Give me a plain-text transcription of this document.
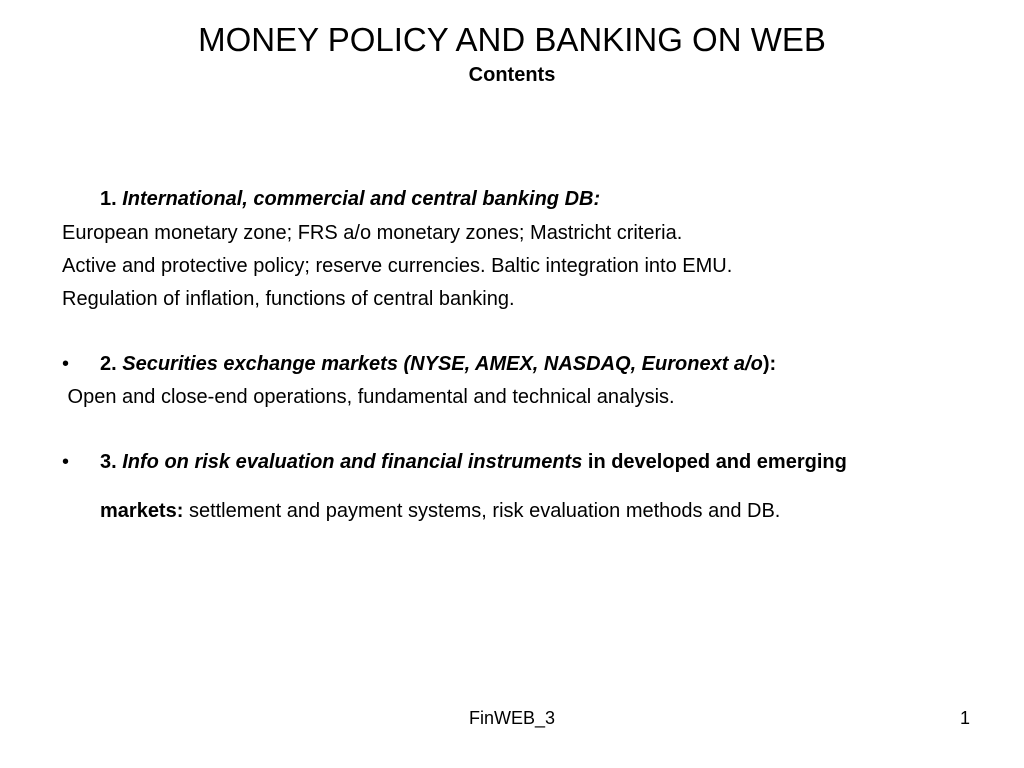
MONEY POLICY AND BANKING ON WEB
Contents
1. International, commercial and central banking DB:
European monetary zone; FRS a/o monetary zones; Mastricht criteria.
Active and protective policy; reserve currencies. Baltic integration into EMU.
Regulation of inflation, functions of central banking.
• 2. Securities exchange markets (NYSE, AMEX, NASDAQ, Euronext a/o):
Open and close-end operations, fundamental and technical analysis.
• 3. Info on risk evaluation and financial instruments in developed and emerging
markets: settlement and payment systems, risk evaluation methods and DB.
FinWEB_3	1
